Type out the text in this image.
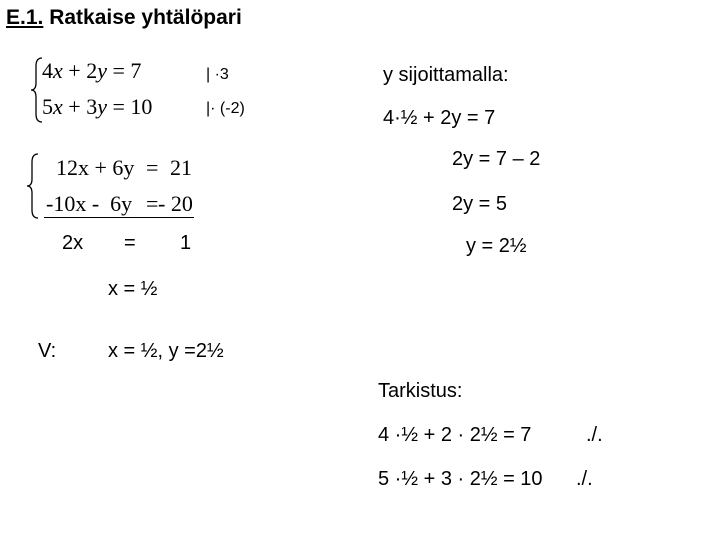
E.1. Ratkaise yhtälöpari
4x + 2y = 7
5x + 3y = 10
| ·3
|· (-2)
12x + 6y = 21
-10x -  6y = - 20
2x = 1
x = ½
V:	x = ½, y =2½
y sijoittamalla:
4·½ + 2y = 7
2y = 7 – 2
2y = 5
y = 2½
Tarkistus:
4 ·½ + 2 · 2½ = 7	./.
5 ·½ + 3 · 2½ = 10 ./.
